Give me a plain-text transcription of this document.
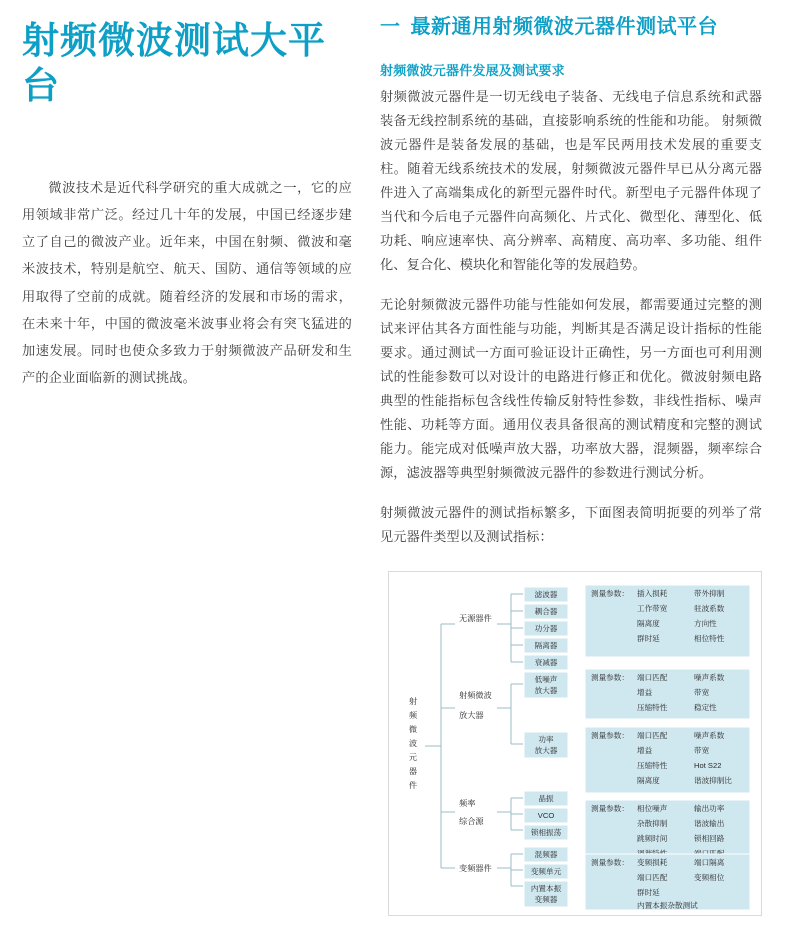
射频微波测试大平台

微波技术是近代科学研究的重大成就之一，它的应用领域非常广泛。经过几十年的发展，中国已经逐步建立了自己的微波产业。近年来，中国在射频、微波和毫米波技术，特别是航空、航天、国防、通信等领域的应用取得了空前的成就。随着经济的发展和市场的需求，在未来十年，中国的微波毫米波事业将会有突飞猛进的加速发展。同时也使众多致力于射频微波产品研发和生产的企业面临新的测试挑战。

一 最新通用射频微波元器件测试平台
射频微波元器件发展及测试要求

射频微波元器件是一切无线电子装备、无线电子信息系统和武器装备无线控制系统的基础，直接影响系统的性能和功能。 射频微波元器件是装备发展的基础，也是军民两用技术发展的重要支柱。随着无线系统技术的发展，射频微波元器件早已从分离元器件进入了高端集成化的新型元器件时代。新型电子元器件体现了当代和今后电子元器件向高频化、片式化、微型化、薄型化、低功耗、响应速率快、高分辨率、高精度、高功率、多功能、组件化、复合化、模块化和智能化等的发展趋势。

无论射频微波元器件功能与性能如何发展，都需要通过完整的测试来评估其各方面性能与功能，判断其是否满足设计指标的性能要求。通过测试一方面可验证设计正确性，另一方面也可利用测试的性能参数可以对设计的电路进行修正和优化。微波射频电路典型的性能指标包含线性传输反射特性参数，非线性指标、噪声性能、功耗等方面。通用仪表具备很高的测试精度和完整的测试能力。能完成对低噪声放大器，功率放大器，混频器，频率综合源，滤波器等典型射频微波元器件的参数进行测试分析。

射频微波元器件的测试指标繁多，下面图表简明扼要的列举了常见元器件类型以及测试指标：

射
频
微
波
元
器
件
无源器件
滤波器
耦合器
功分器
隔离器
衰减器
测量参数： 插入损耗	带外抑制
工作带宽	驻波系数
隔离度	方向性
群时延	相位特性
射频微波
放大器
低噪声
放大器
功率
放大器
测量参数： 端口匹配	噪声系数
增益	带宽
压缩特性	稳定性
测量参数： 端口匹配	噪声系数
增益	带宽
压缩特性	Hot S22
隔离度	谐波抑制比
频率
综合源
晶振
VCO
锁相振荡
测量参数： 相位噪声	输出功率
杂散抑制	谐波输出
跳频时间	锁相回路
变频器件
混频器
变频单元
内置本振
变频器
测量参数： 变频损耗	端口隔离
端口匹配	变频相位
群时延
内置本振杂散测试
